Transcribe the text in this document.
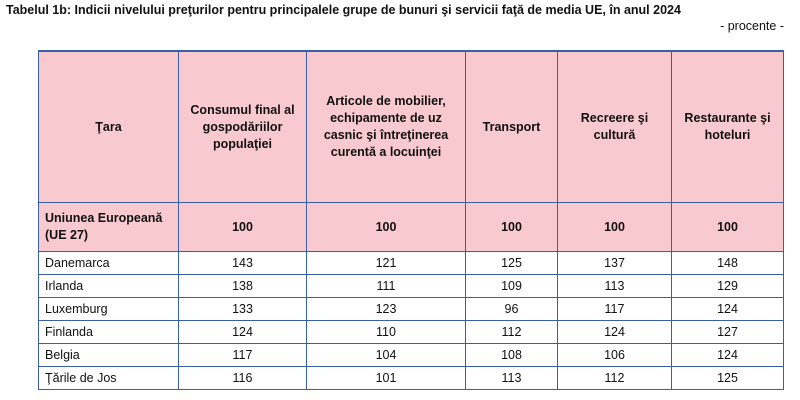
Tabelul 1b: Indicii nivelului preţurilor pentru principalele grupe de bunuri şi servicii faţă de media UE, în anul 2024
- procente -
Ţara	Consumul final al gospodăriilor populaţiei	Articole de mobilier, echipamente de uz casnic şi întreţinerea curentă a locuinţei	Transport	Recreere şi cultură	Restaurante şi hoteluri
Uniunea Europeană (UE 27)	100	100	100	100	100
Danemarca	143	121	125	137	148
Irlanda	138	111	109	113	129
Luxemburg	133	123	96	117	124
Finlanda	124	110	112	124	127
Belgia	117	104	108	106	124
Ţările de Jos	116	101	113	112	125
